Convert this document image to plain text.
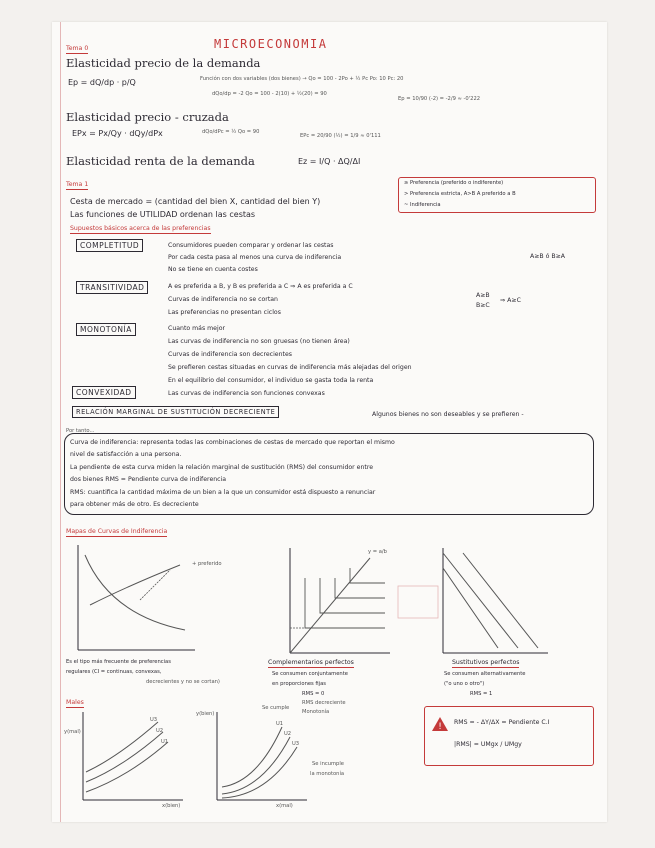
MICROECONOMIA
Tema 0
Elasticidad precio de la demanda
Ep = dQ/dp · p/Q	Función con dos variables (dos bienes) → Qo = 100 - 2Po + ½ Pc Po: 10 Pc: 20
dQo/dp = -2 Qo = 100 - 2(10) + ½(20) = 90
Ep = 10/90 (-2) = -2/9 ≈ -0'222
Elasticidad precio - cruzada
EPx = Px/Qy · dQy/dPx	dQo/dPc = ½ Qo = 90
EPc = 20/90 (½) = 1/9 ≈ 0'111
Elasticidad renta de la demanda	Ez = I/Q · ΔQ/ΔI
Tema 1
Cesta de mercado = (cantidad del bien X, cantidad del bien Y)
Las funciones de UTILIDAD ordenan las cestas
≥ Preferencia (preferido o indiferente)
> Preferencia estricta, A>B A preferido a B
~ Indiferencia
Supuestos básicos acerca de las preferencias
COMPLETITUD	Consumidores pueden comparar y ordenar las cestas
Por cada cesta pasa al menos una curva de indiferencia
No se tiene en cuenta costes
A≥B ó B≥A
TRANSITIVIDAD	A es preferida a B, y B es preferida a C ⇒ A es preferida a C
Curvas de indiferencia no se cortan
Las preferencias no presentan ciclos
A≥B
B≥C
⇒ A≥C
MONOTONÍA	Cuanto más mejor
Las curvas de indiferencia no son gruesas (no tienen área)
Curvas de indiferencia son decrecientes
Se prefieren cestas situadas en curvas de indiferencia más alejadas del origen
En el equilibrio del consumidor, el individuo se gasta toda la renta
CONVEXIDAD	Las curvas de indiferencia son funciones convexas
RELACIÓN MARGINAL DE SUSTITUCIÓN DECRECIENTE	Algunos bienes no son deseables y se prefieren -
Por tanto...
Curva de indiferencia: representa todas las combinaciones de cestas de mercado que reportan el mismo
nivel de satisfacción a una persona.
La pendiente de esta curva miden la relación marginal de sustitución (RMS) del consumidor entre
dos bienes RMS = Pendiente curva de indiferencia
RMS: cuantifica la cantidad máxima de un bien a la que un consumidor está dispuesto a renunciar
para obtener más de otro. Es decreciente
Mapas de Curvas de Indiferencia
+ preferido
Es el tipo más frecuente de preferencias
regulares (CI = continuas, convexas,
decrecientes y no se cortan)
y = a/b
Complementarios perfectos
Se consumen conjuntamente
en proporciones fijas
RMS = 0
Sustitutivos perfectos
Se consumen alternativamente
("o uno o otro")
RMS = 1
Males
y(mal)
x(bien)
U3
U2
U1
y(bien)
x(mal)
U1
U2
U3
Se cumple
RMS decreciente
Monotonía
Se incumple
la monotonía
! RMS = - ΔY/ΔX = Pendiente C.I
|RMS| = UMgx / UMgy
